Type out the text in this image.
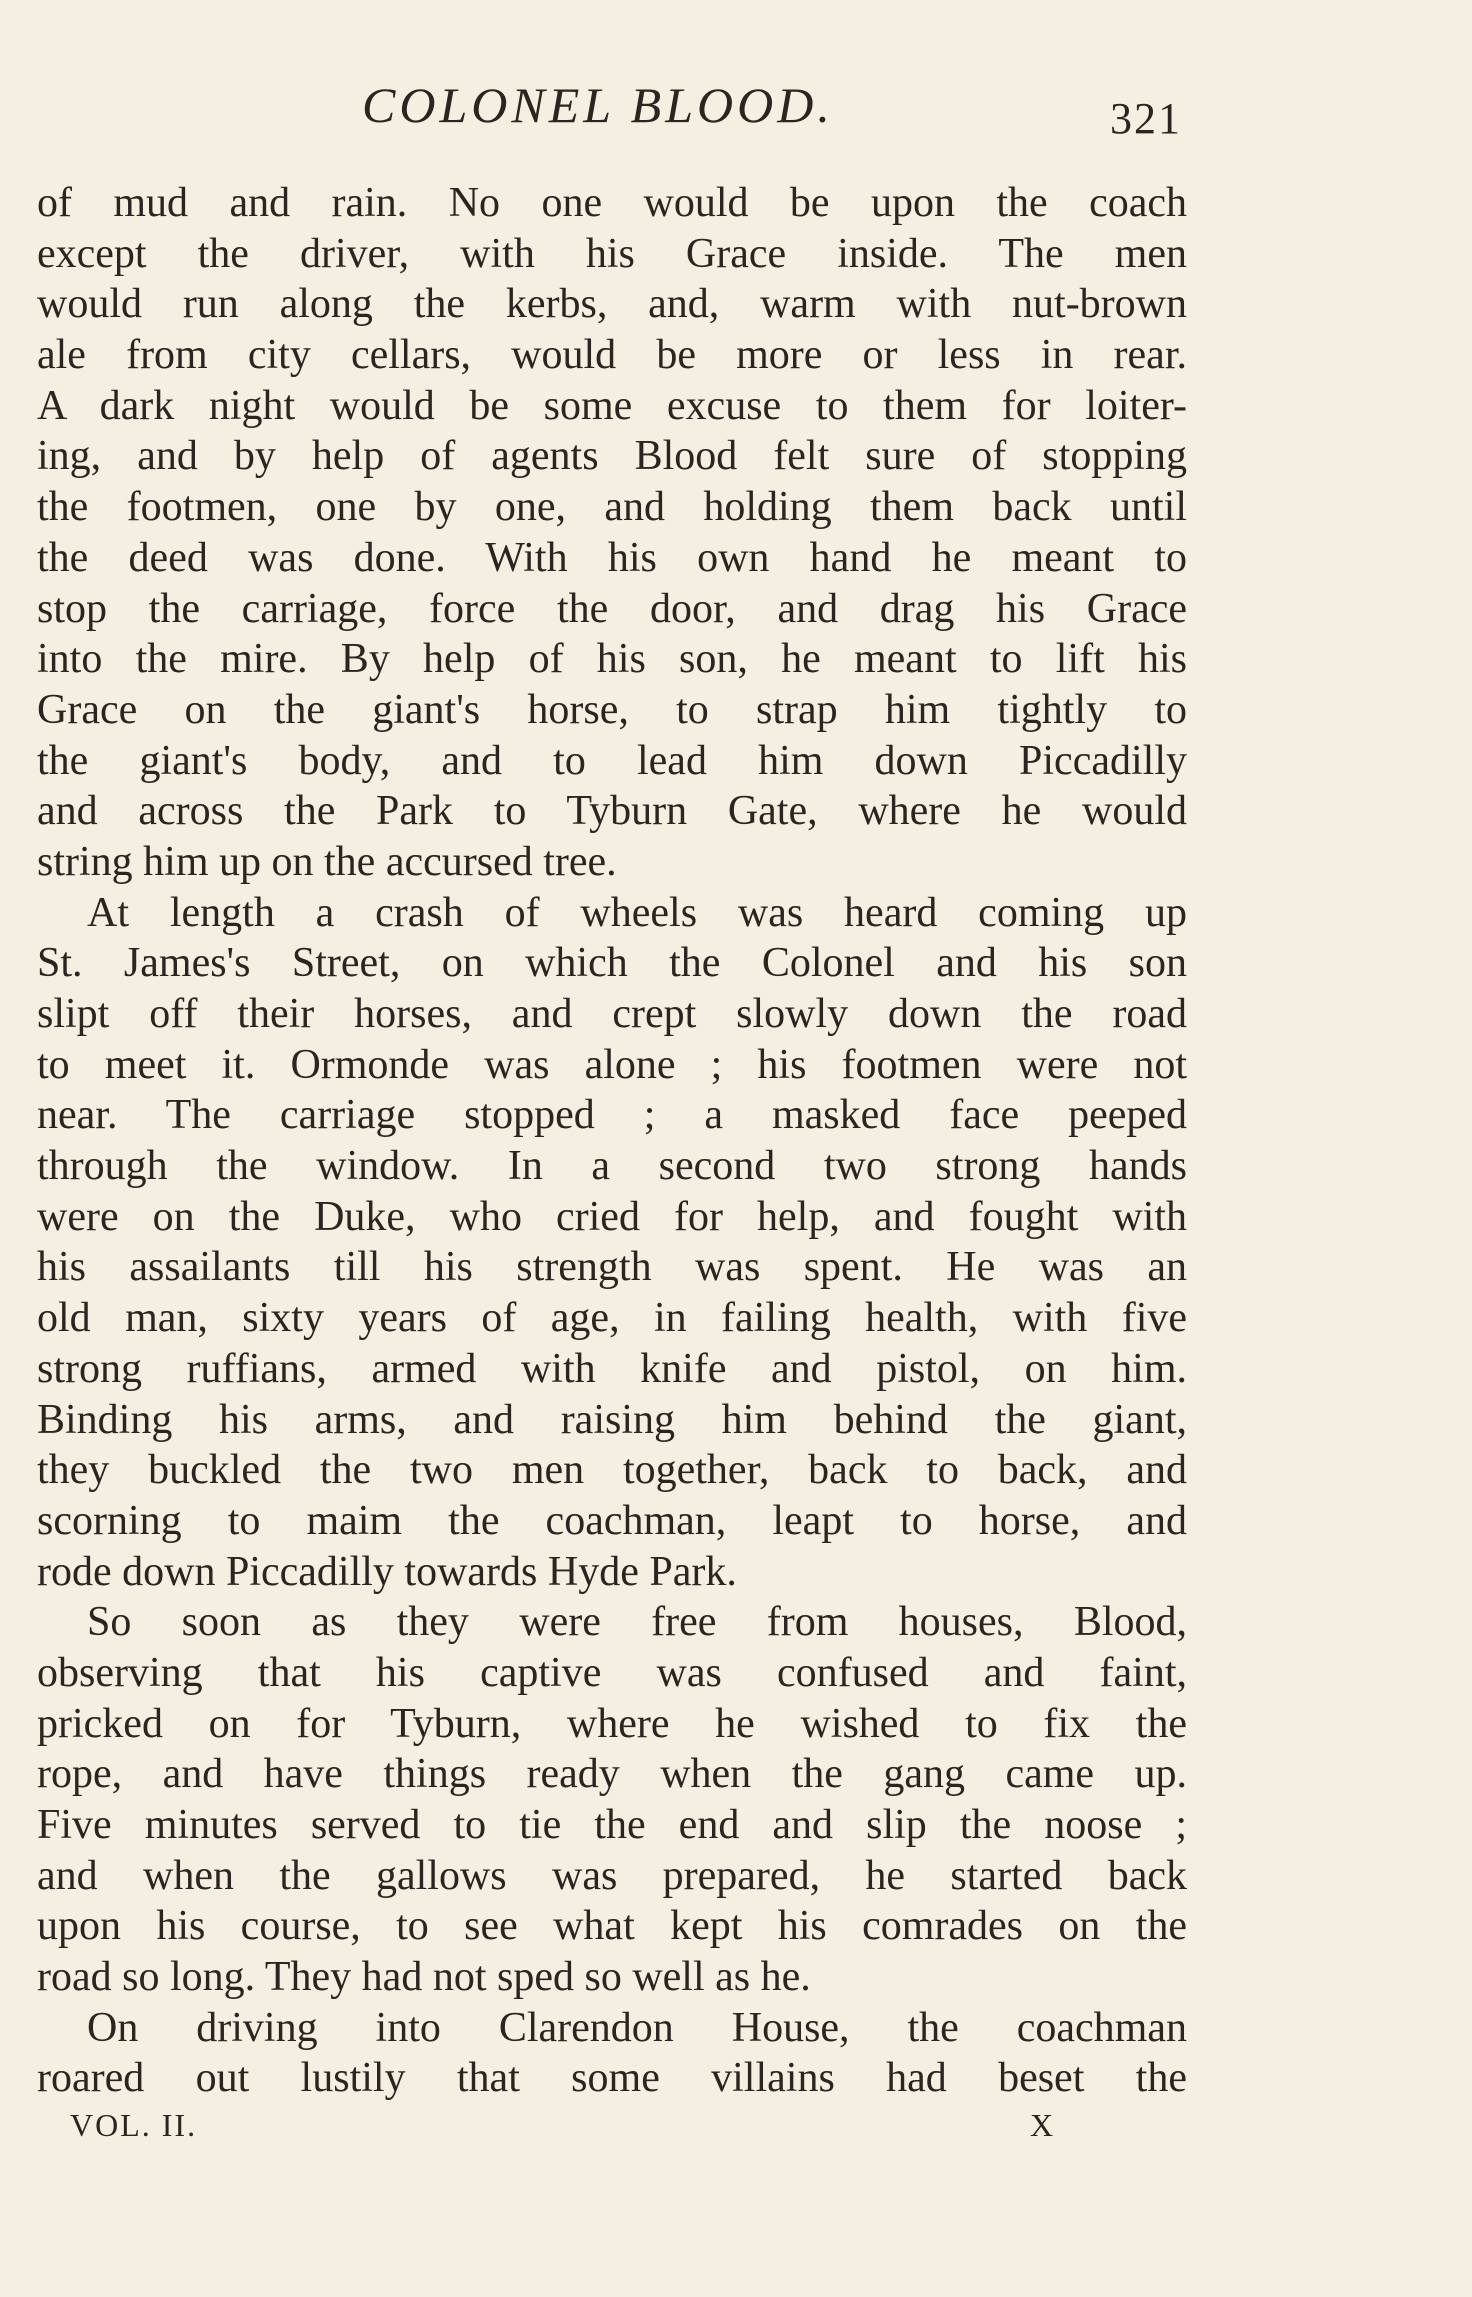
COLONEL BLOOD.	321
of mud and rain. No one would be upon the coach
except the driver, with his Grace inside. The men
would run along the kerbs, and, warm with nut-brown
ale from city cellars, would be more or less in rear.
A dark night would be some excuse to them for loiter-
ing, and by help of agents Blood felt sure of stopping
the footmen, one by one, and holding them back until
the deed was done. With his own hand he meant to
stop the carriage, force the door, and drag his Grace
into the mire. By help of his son, he meant to lift his
Grace on the giant's horse, to strap him tightly to
the giant's body, and to lead him down Piccadilly
and across the Park to Tyburn Gate, where he would
string him up on the accursed tree.
At length a crash of wheels was heard coming up
St. James's Street, on which the Colonel and his son
slipt off their horses, and crept slowly down the road
to meet it. Ormonde was alone ; his footmen were not
near. The carriage stopped ; a masked face peeped
through the window. In a second two strong hands
were on the Duke, who cried for help, and fought with
his assailants till his strength was spent. He was an
old man, sixty years of age, in failing health, with five
strong ruffians, armed with knife and pistol, on him.
Binding his arms, and raising him behind the giant,
they buckled the two men together, back to back, and
scorning to maim the coachman, leapt to horse, and
rode down Piccadilly towards Hyde Park.
So soon as they were free from houses, Blood,
observing that his captive was confused and faint,
pricked on for Tyburn, where he wished to fix the
rope, and have things ready when the gang came up.
Five minutes served to tie the end and slip the noose ;
and when the gallows was prepared, he started back
upon his course, to see what kept his comrades on the
road so long. They had not sped so well as he.
On driving into Clarendon House, the coachman
roared out lustily that some villains had beset the
VOL. II.	X
